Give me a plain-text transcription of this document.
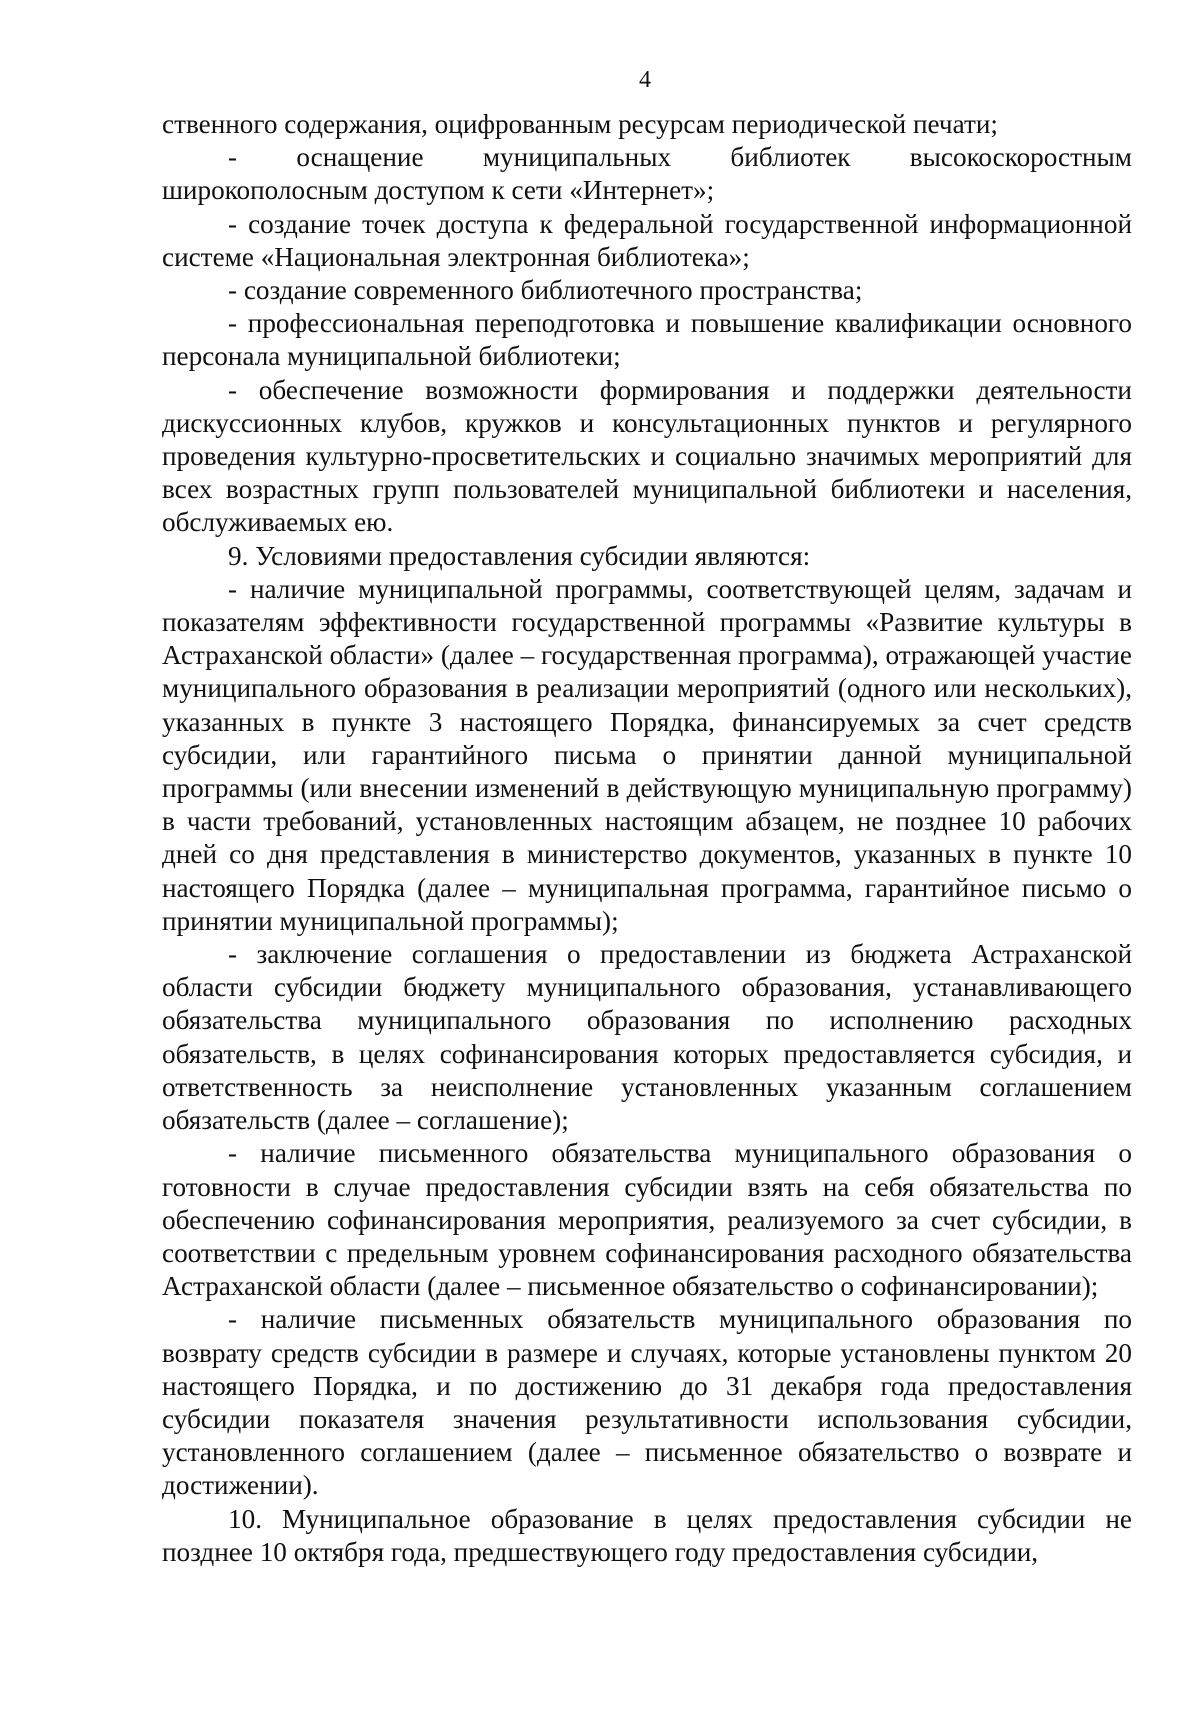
4

ственного содержания, оцифрованным ресурсам периодической печати;

- оснащение муниципальных библиотек высокоскоростным широкополосным доступом к сети «Интернет»;

- создание точек доступа к федеральной государственной информационной системе «Национальная электронная библиотека»;

- создание современного библиотечного пространства;

- профессиональная переподготовка и повышение квалификации основного персонала муниципальной библиотеки;

- обеспечение возможности формирования и поддержки деятельности дискуссионных клубов, кружков и консультационных пунктов и регулярного проведения культурно-просветительских и социально значимых мероприятий для всех возрастных групп пользователей муниципальной библиотеки и населения, обслуживаемых ею.

9. Условиями предоставления субсидии являются:

- наличие муниципальной программы, соответствующей целям, задачам и показателям эффективности государственной программы «Развитие культуры в Астраханской области» (далее – государственная программа), отражающей участие муниципального образования в реализации мероприятий (одного или нескольких), указанных в пункте 3 настоящего Порядка, финансируемых за счет средств субсидии, или гарантийного письма о принятии данной муниципальной программы (или внесении изменений в действующую муниципальную программу) в части требований, установленных настоящим абзацем, не позднее 10 рабочих дней со дня представления в министерство документов, указанных в пункте 10 настоящего Порядка (далее – муниципальная программа, гарантийное письмо о принятии муниципальной программы);

- заключение соглашения о предоставлении из бюджета Астраханской области субсидии бюджету муниципального образования, устанавливающего обязательства муниципального образования по исполнению расходных обязательств, в целях софинансирования которых предоставляется субсидия, и ответственность за неисполнение установленных указанным соглашением обязательств (далее – соглашение);

- наличие письменного обязательства муниципального образования о готовности в случае предоставления субсидии взять на себя обязательства по обеспечению софинансирования мероприятия, реализуемого за счет субсидии, в соответствии с предельным уровнем софинансирования расходного обязательства Астраханской области (далее – письменное обязательство о софинансировании);

- наличие письменных обязательств муниципального образования по возврату средств субсидии в размере и случаях, которые установлены пунктом 20 настоящего Порядка, и по достижению до 31 декабря года предоставления субсидии показателя значения результативности использования субсидии, установленного соглашением (далее – письменное обязательство о возврате и достижении).

10. Муниципальное образование в целях предоставления субсидии не позднее 10 октября года, предшествующего году предоставления субсидии,
